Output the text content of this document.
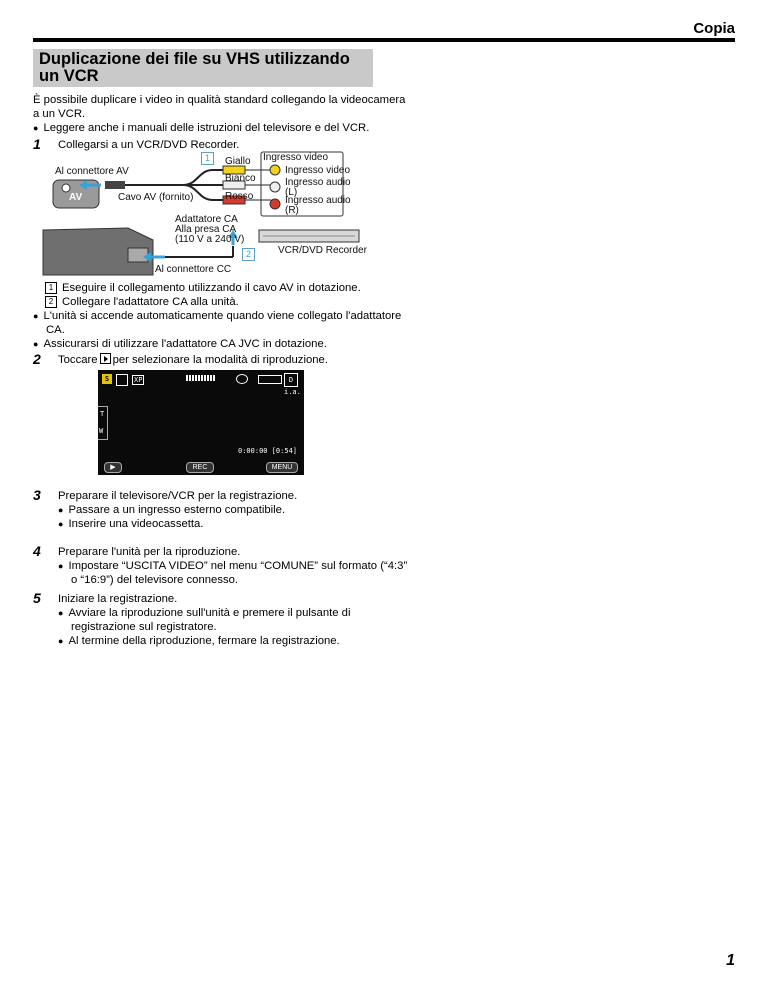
Copia
Duplicazione dei file su VHS utilizzando un VCR
È possibile duplicare i video in qualità standard collegando la videocamera
a un VCR.
● Leggere anche i manuali delle istruzioni del televisore e del VCR.
1 Collegarsi a un VCR/DVD Recorder.
Al connettore AV
AV	Cavo AV (fornito)
1	Giallo
Bianco
Rosso
Ingresso video
Ingresso video
Ingresso audio
(L)
Ingresso audio
(R)
Adattatore CA
Alla presa CA
(110 V a 240 V)
2	VCR/DVD Recorder
Al connettore CC
1 Eseguire il collegamento utilizzando il cavo AV in dotazione.
2 Collegare l'adattatore CA alla unità.
● L'unità si accende automaticamente quando viene collegato l'adattatore
CA.
● Assicurarsi di utilizzare l'adattatore CA JVC in dotazione.
2 Toccare per selezionare la modalità di riproduzione.
S	XP	D
i.a.
T
W
0:00:00 [0:54]
▶	REC	MENU
3 Preparare il televisore/VCR per la registrazione.
● Passare a un ingresso esterno compatibile.
● Inserire una videocassetta.
4 Preparare l'unità per la riproduzione.
● Impostare “USCITA VIDEO” nel menu “COMUNE” sul formato (“4:3”
o “16:9”) del televisore connesso.
5 Iniziare la registrazione.
● Avviare la riproduzione sull'unità e premere il pulsante di
registrazione sul registratore.
● Al termine della riproduzione, fermare la registrazione.
1
